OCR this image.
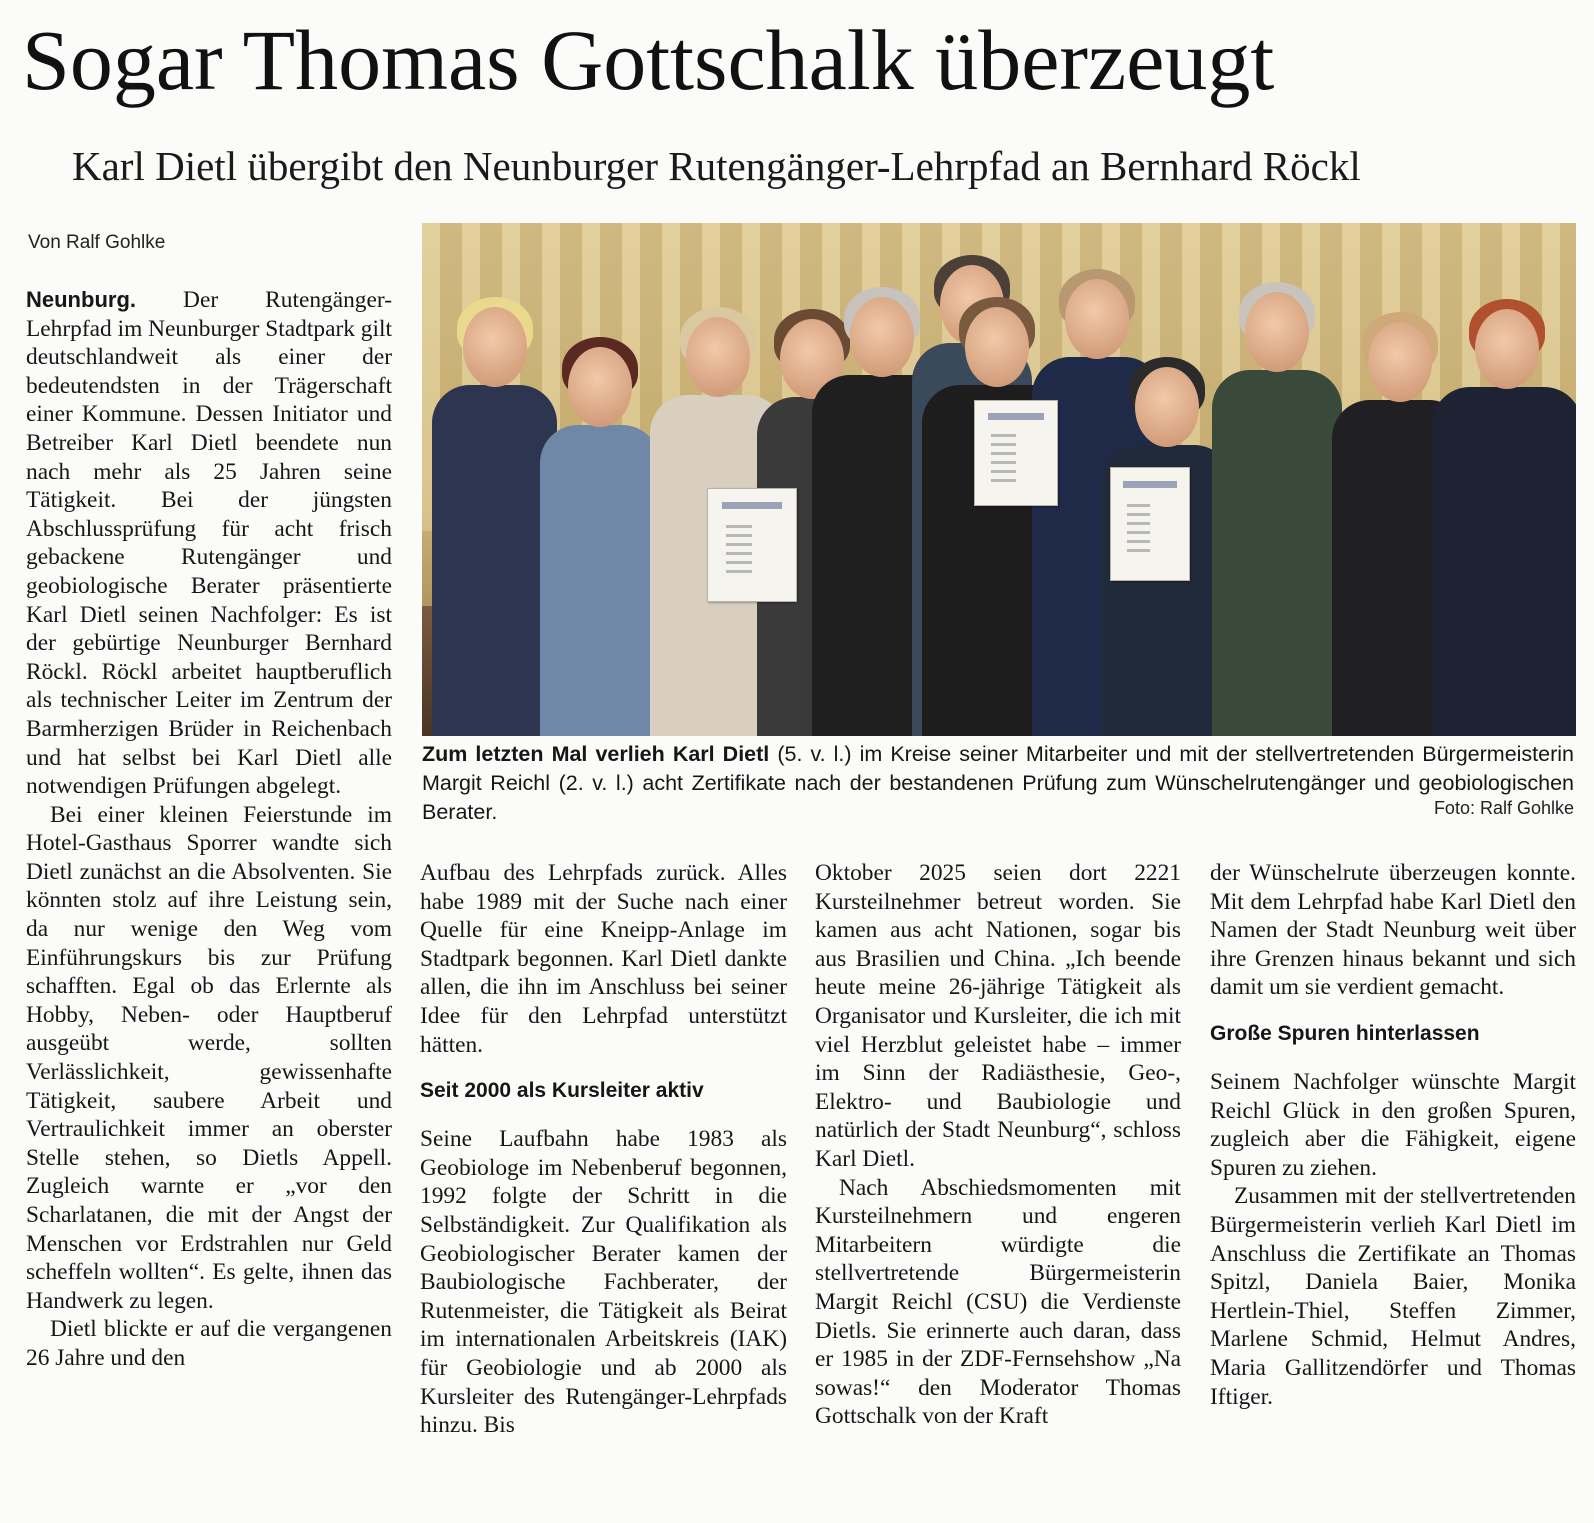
Sogar Thomas Gottschalk überzeugt
Karl Dietl übergibt den Neunburger Rutengänger-Lehrpfad an Bernhard Röckl
Von Ralf Gohlke

Neunburg. Der Rutengänger-Lehrpfad im Neunburger Stadtpark gilt deutschlandweit als einer der bedeutendsten in der Trägerschaft einer Kommune. Dessen Initiator und Betreiber Karl Dietl beendete nun nach mehr als 25 Jahren seine Tätigkeit. Bei der jüngsten Abschlussprüfung für acht frisch gebackene Rutengänger und geobiologische Berater präsentierte Karl Dietl seinen Nachfolger: Es ist der gebürtige Neunburger Bernhard Röckl. Röckl arbeitet hauptberuflich als technischer Leiter im Zentrum der Barmherzigen Brüder in Reichenbach und hat selbst bei Karl Dietl alle notwendigen Prüfungen abgelegt.

Bei einer kleinen Feierstunde im Hotel-Gasthaus Sporrer wandte sich Dietl zunächst an die Absolventen. Sie könnten stolz auf ihre Leistung sein, da nur wenige den Weg vom Einführungskurs bis zur Prüfung schafften. Egal ob das Erlernte als Hobby, Neben- oder Hauptberuf ausgeübt werde, sollten Verlässlichkeit, gewissenhafte Tätigkeit, saubere Arbeit und Vertraulichkeit immer an oberster Stelle stehen, so Dietls Appell. Zugleich warnte er „vor den Scharlatanen, die mit der Angst der Menschen vor Erdstrahlen nur Geld scheffeln wollten“. Es gelte, ihnen das Handwerk zu legen.

Dietl blickte er auf die vergangenen 26 Jahre und den

Zum letzten Mal verlieh Karl Dietl (5. v. l.) im Kreise seiner Mitarbeiter und mit der stellvertretenden Bürgermeisterin Margit Reichl (2. v. l.) acht Zertifikate nach der bestandenen Prüfung zum Wünschelrutengänger und geobiologischen Berater.	Foto: Ralf Gohlke

Aufbau des Lehrpfads zurück. Alles habe 1989 mit der Suche nach einer Quelle für eine Kneipp-Anlage im Stadtpark begonnen. Karl Dietl dankte allen, die ihn im Anschluss bei seiner Idee für den Lehrpfad unterstützt hätten.

Seit 2000 als Kursleiter aktiv

Seine Laufbahn habe 1983 als Geobiologe im Nebenberuf begonnen, 1992 folgte der Schritt in die Selbständigkeit. Zur Qualifikation als Geobiologischer Berater kamen der Baubiologische Fachberater, der Rutenmeister, die Tätigkeit als Beirat im internationalen Arbeitskreis (IAK) für Geobiologie und ab 2000 als Kursleiter des Rutengänger-Lehrpfads hinzu. Bis

Oktober 2025 seien dort 2221 Kursteilnehmer betreut worden. Sie kamen aus acht Nationen, sogar bis aus Brasilien und China. „Ich beende heute meine 26-jährige Tätigkeit als Organisator und Kursleiter, die ich mit viel Herzblut geleistet habe – immer im Sinn der Radiästhesie, Geo-, Elektro- und Baubiologie und natürlich der Stadt Neunburg“, schloss Karl Dietl.

Nach Abschiedsmomenten mit Kursteilnehmern und engeren Mitarbeitern würdigte die stellvertretende Bürgermeisterin Margit Reichl (CSU) die Verdienste Dietls. Sie erinnerte auch daran, dass er 1985 in der ZDF-Fernsehshow „Na sowas!“ den Moderator Thomas Gottschalk von der Kraft

der Wünschelrute überzeugen konnte. Mit dem Lehrpfad habe Karl Dietl den Namen der Stadt Neunburg weit über ihre Grenzen hinaus bekannt und sich damit um sie verdient gemacht.

Große Spuren hinterlassen

Seinem Nachfolger wünschte Margit Reichl Glück in den großen Spuren, zugleich aber die Fähigkeit, eigene Spuren zu ziehen.

Zusammen mit der stellvertretenden Bürgermeisterin verlieh Karl Dietl im Anschluss die Zertifikate an Thomas Spitzl, Daniela Baier, Monika Hertlein-Thiel, Steffen Zimmer, Marlene Schmid, Helmut Andres, Maria Gallitzendörfer und Thomas Iftiger.
